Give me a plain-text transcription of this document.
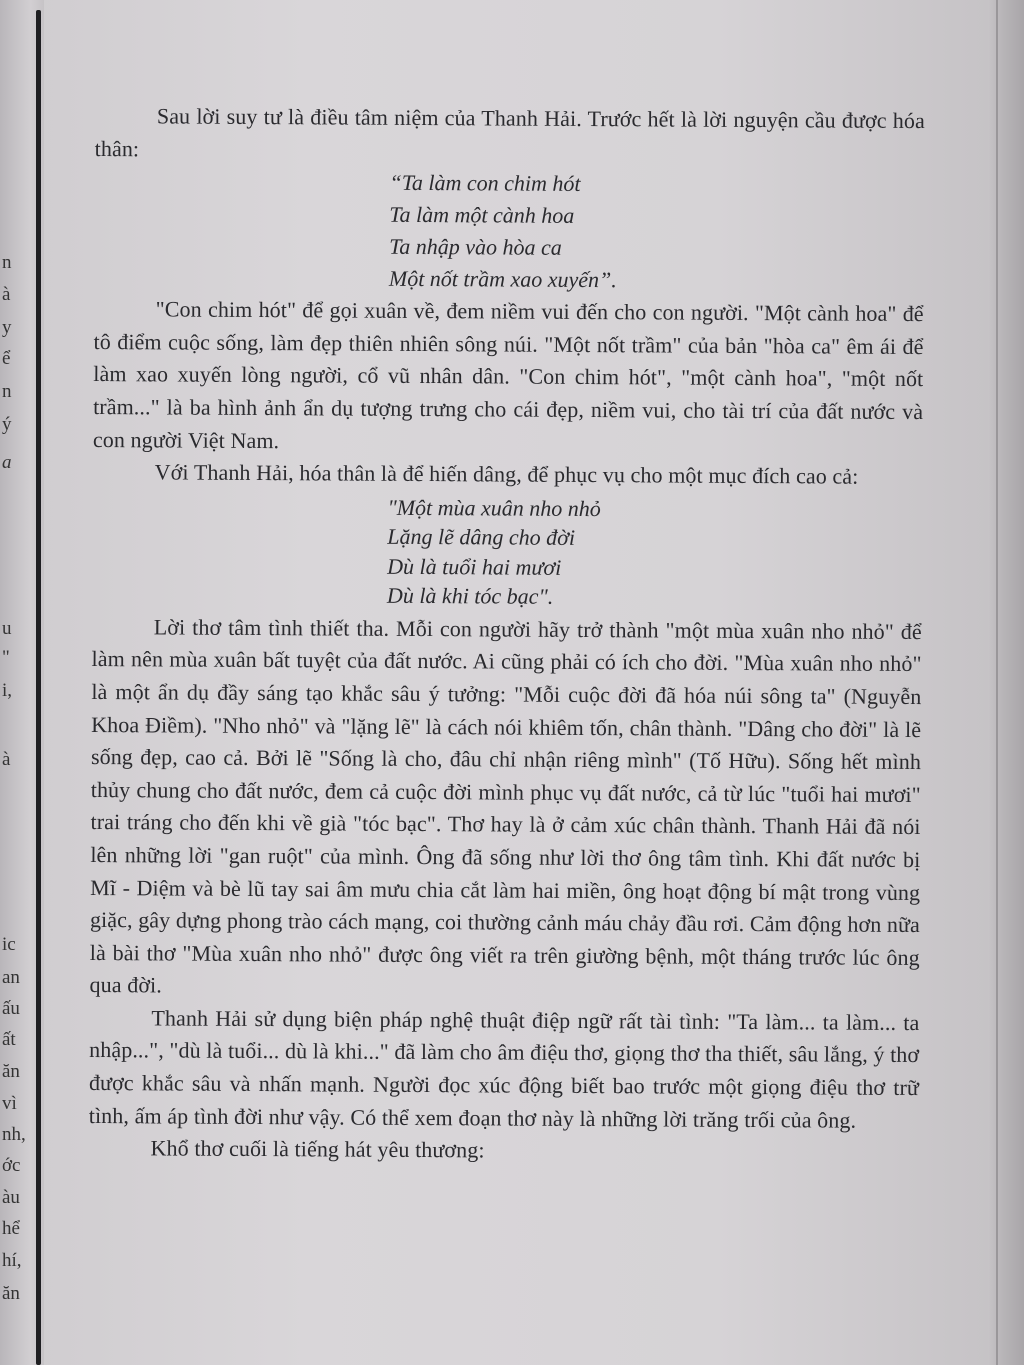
n
à
y
ể
n
ý
a
u
"
i,
à
ic
an
ấu
ất
ăn
vì
nh,
ớc
àu
hể
hí,
ăn

Sau lời suy tư là điều tâm niệm của Thanh Hải. Trước hết là lời nguyện cầu được hóa thân:

“Ta làm con chim hót
Ta làm một cành hoa
Ta nhập vào hòa ca
Một nốt trầm xao xuyến”.

"Con chim hót" để gọi xuân về, đem niềm vui đến cho con người. "Một cành hoa" để tô điểm cuộc sống, làm đẹp thiên nhiên sông núi. "Một nốt trầm" của bản "hòa ca" êm ái để làm xao xuyến lòng người, cổ vũ nhân dân. "Con chim hót", "một cành hoa", "một nốt trầm..." là ba hình ảnh ẩn dụ tượng trưng cho cái đẹp, niềm vui, cho tài trí của đất nước và con người Việt Nam.

Với Thanh Hải, hóa thân là để hiến dâng, để phục vụ cho một mục đích cao cả:

"Một mùa xuân nho nhỏ
Lặng lẽ dâng cho đời
Dù là tuổi hai mươi
Dù là khi tóc bạc".

Lời thơ tâm tình thiết tha. Mỗi con người hãy trở thành "một mùa xuân nho nhỏ" để làm nên mùa xuân bất tuyệt của đất nước. Ai cũng phải có ích cho đời. "Mùa xuân nho nhỏ" là một ẩn dụ đầy sáng tạo khắc sâu ý tưởng: "Mỗi cuộc đời đã hóa núi sông ta" (Nguyễn Khoa Điềm). "Nho nhỏ" và "lặng lẽ" là cách nói khiêm tốn, chân thành. "Dâng cho đời" là lẽ sống đẹp, cao cả. Bởi lẽ "Sống là cho, đâu chỉ nhận riêng mình" (Tố Hữu). Sống hết mình thủy chung cho đất nước, đem cả cuộc đời mình phục vụ đất nước, cả từ lúc "tuổi hai mươi" trai tráng cho đến khi về già "tóc bạc". Thơ hay là ở cảm xúc chân thành. Thanh Hải đã nói lên những lời "gan ruột" của mình. Ông đã sống như lời thơ ông tâm tình. Khi đất nước bị Mĩ - Diệm và bè lũ tay sai âm mưu chia cắt làm hai miền, ông hoạt động bí mật trong vùng giặc, gây dựng phong trào cách mạng, coi thường cảnh máu chảy đầu rơi. Cảm động hơn nữa là bài thơ "Mùa xuân nho nhỏ" được ông viết ra trên giường bệnh, một tháng trước lúc ông qua đời.

Thanh Hải sử dụng biện pháp nghệ thuật điệp ngữ rất tài tình: "Ta làm... ta làm... ta nhập...", "dù là tuổi... dù là khi..." đã làm cho âm điệu thơ, giọng thơ tha thiết, sâu lắng, ý thơ được khắc sâu và nhấn mạnh. Người đọc xúc động biết bao trước một giọng điệu thơ trữ tình, ấm áp tình đời như vậy. Có thể xem đoạn thơ này là những lời trăng trối của ông.

Khổ thơ cuối là tiếng hát yêu thương:
